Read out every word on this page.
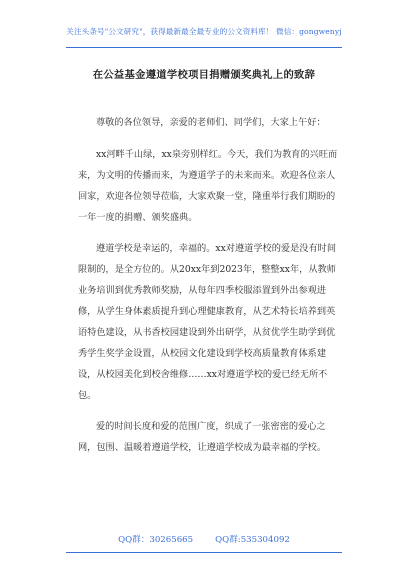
关注头条号"公文研究"，获得最新最全最专业的公文资料库！ 微信：gongwenyj
在公益基金遵道学校项目捐赠颁奖典礼上的致辞

尊敬的各位领导，亲爱的老师们、同学们，大家上午好：

xx河畔千山绿，xx泉旁别样红。今天，我们为教育的兴旺而来，为文明的传播而来，为遵道学子的未来而来。欢迎各位亲人回家，欢迎各位领导莅临，大家欢聚一堂，隆重举行我们期盼的一年一度的捐赠、颁奖盛典。

遵道学校是幸运的，幸福的。xx对遵道学校的爱是没有时间限制的，是全方位的。从20xx年到2023年，整整xx年，从教师业务培训到优秀教师奖励，从每年四季校服添置到外出参观进修，从学生身体素质提升到心理健康教育，从艺术特长培养到英语特色建设，从书香校园建设到外出研学，从贫优学生助学到优秀学生奖学金设置，从校园文化建设到学校高质量教育体系建设，从校园美化到校舍维修……xx对遵道学校的爱已经无所不包。

爱的时间长度和爱的范围广度，织成了一张密密的爱心之网，包围、温暖着遵道学校，让遵道学校成为最幸福的学校。

QQ群：30265665	QQ群:535304092
